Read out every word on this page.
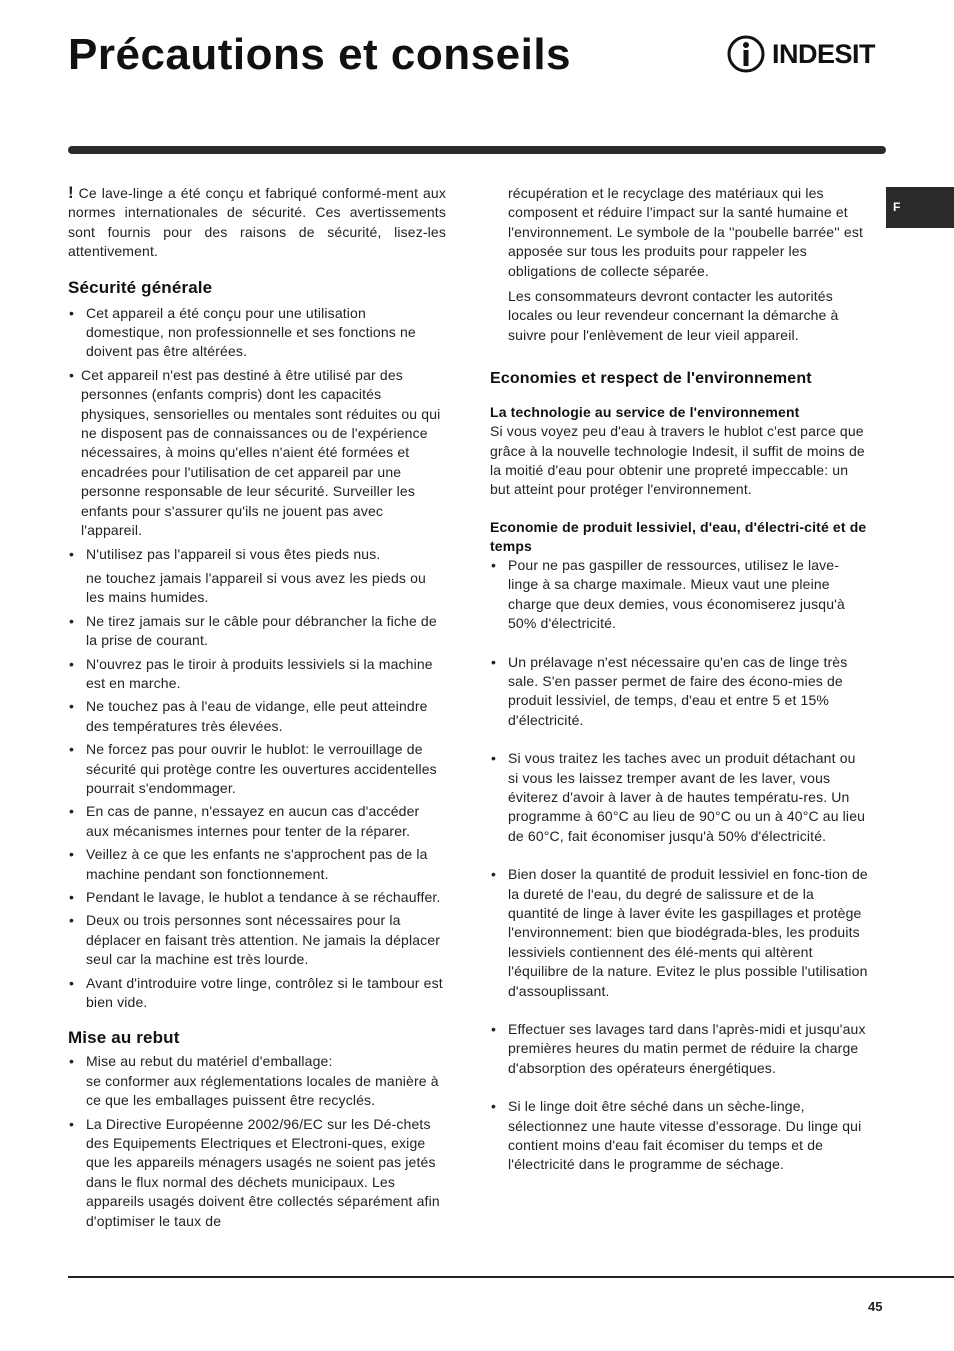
Précautions et conseils	INDESIT
F

! Ce lave-linge a été conçu et fabriqué conformé-ment aux normes internationales de sécurité. Ces avertissements sont fournis pour des raisons de sécurité, lisez-les attentivement.

Sécurité générale
• Cet appareil a été conçu pour une utilisation domestique, non professionnelle et ses fonctions ne doivent pas être altérées.
• Cet appareil n'est pas destiné à être utilisé par des personnes (enfants compris) dont les capacités physiques, sensorielles ou mentales sont réduites ou qui ne disposent pas de connaissances ou de l'expérience nécessaires, à moins qu'elles n'aient été formées et encadrées pour l'utilisation de cet appareil par une personne responsable de leur sécurité. Surveiller les enfants pour s'assurer qu'ils ne jouent pas avec l'appareil.
• N'utilisez pas l'appareil si vous êtes pieds nus.
ne touchez jamais l'appareil si vous avez les pieds ou les mains humides.
• Ne tirez jamais sur le câble pour débrancher la fiche de la prise de courant.
• N'ouvrez pas le tiroir à produits lessiviels si la machine est en marche.
• Ne touchez pas à l'eau de vidange, elle peut atteindre des températures très élevées.
• Ne forcez pas pour ouvrir le hublot: le verrouillage de sécurité qui protège contre les ouvertures accidentelles pourrait s'endommager.
• En cas de panne, n'essayez en aucun cas d'accéder aux mécanismes internes pour tenter de la réparer.
• Veillez à ce que les enfants ne s'approchent pas de la machine pendant son fonctionnement.
• Pendant le lavage, le hublot a tendance à se réchauffer.
• Deux ou trois personnes sont nécessaires pour la déplacer en faisant très attention. Ne jamais la déplacer seul car la machine est très lourde.
• Avant d'introduire votre linge, contrôlez si le tambour est bien vide.
Mise au rebut
• Mise au rebut du matériel d'emballage:
se conformer aux réglementations locales de manière à ce que les emballages puissent être recyclés.
• La Directive Européenne 2002/96/EC sur les Dé-chets des Equipements Electriques et Electroni-ques, exige que les appareils ménagers usagés ne soient pas jetés dans le flux normal des déchets municipaux. Les appareils usagés doivent être collectés séparément afin d'optimiser le taux de

récupération et le recyclage des matériaux qui les composent et réduire l'impact sur la santé humaine et l'environnement. Le symbole de la ''poubelle barrée'' est apposée sur tous les produits pour rappeler les obligations de collecte séparée.

Les consommateurs devront contacter les autorités locales ou leur revendeur concernant la démarche à suivre pour l'enlèvement de leur vieil appareil.

Economies et respect de l'environnement
La technologie au service de l'environnement

Si vous voyez peu d'eau à travers le hublot c'est parce que grâce à la nouvelle technologie Indesit, il suffit de moins de la moitié d'eau pour obtenir une propreté impeccable: un but atteint pour protéger l'environnement.

Economie de produit lessiviel, d'eau, d'électri-cité et de temps
• Pour ne pas gaspiller de ressources, utilisez le lave-linge à sa charge maximale. Mieux vaut une pleine charge que deux demies, vous économiserez jusqu'à 50% d'électricité.
• Un prélavage n'est nécessaire qu'en cas de linge très sale. S'en passer permet de faire des écono-mies de produit lessiviel, de temps, d'eau et entre 5 et 15% d'électricité.
• Si vous traitez les taches avec un produit détachant ou si vous les laissez tremper avant de les laver, vous éviterez d'avoir à laver à de hautes températu-res. Un programme à 60°C au lieu de 90°C ou un à 40°C au lieu de 60°C, fait économiser jusqu'à 50% d'électricité.
• Bien doser la quantité de produit lessiviel en fonc-tion de la dureté de l'eau, du degré de salissure et de la quantité de linge à laver évite les gaspillages et protège l'environnement: bien que biodégrada-bles, les produits lessiviels contiennent des élé-ments qui altèrent l'équilibre de la nature. Evitez le plus possible l'utilisation d'assouplissant.
• Effectuer ses lavages tard dans l'après-midi et jusqu'aux premières heures du matin permet de réduire la charge d'absorption des opérateurs énergétiques.
• Si le linge doit être séché dans un sèche-linge, sélectionnez une haute vitesse d'essorage. Du linge qui contient moins d'eau fait écomiser du temps et de l'électricité dans le programme de séchage.
45
